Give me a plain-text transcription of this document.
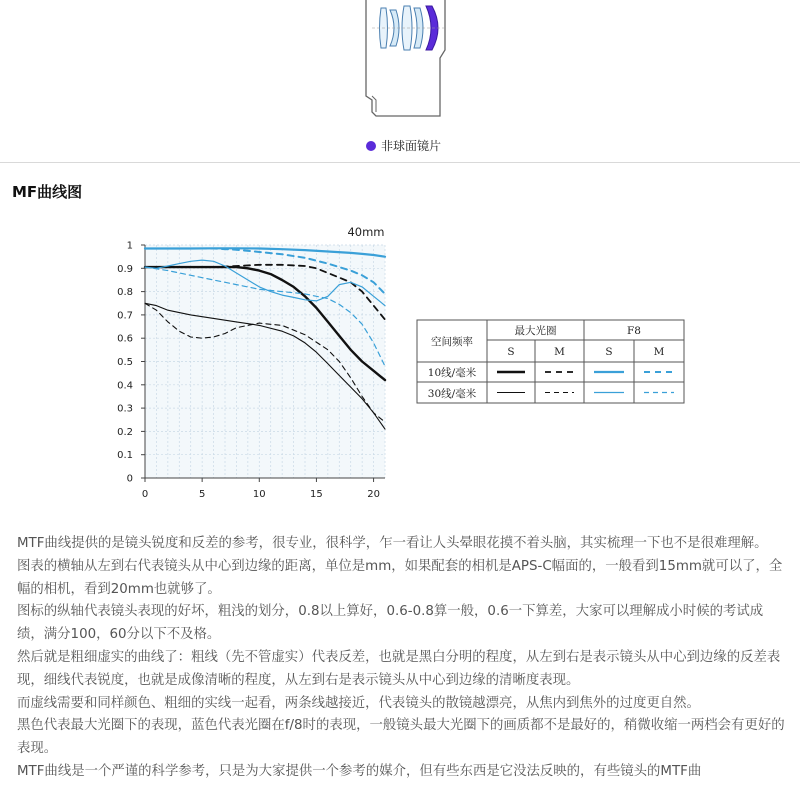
非球面镜片
MF曲线图
0
0.1
0.2
0.3
0.4
0.5
0.6
0.7
0.8
0.9
1
0	5	10	15	20
40mm
空间频率
最大光圈	F8
S	M	S	M
10线/毫米
30线/毫米

MTF曲线提供的是镜头锐度和反差的参考，很专业，很科学，乍一看让人头晕眼花摸不着头脑，其实梳理一下也不是很难理解。

图表的横轴从左到右代表镜头从中心到边缘的距离，单位是mm，如果配套的相机是APS-C幅面的，一般看到15mm就可以了，全幅的相机，看到20mm也就够了。

图标的纵轴代表镜头表现的好坏，粗浅的划分，0.8以上算好，0.6-0.8算一般，0.6一下算差，大家可以理解成小时候的考试成绩，满分100，60分以下不及格。

然后就是粗细虚实的曲线了：粗线（先不管虚实）代表反差，也就是黑白分明的程度，从左到右是表示镜头从中心到边缘的反差表现，细线代表锐度，也就是成像清晰的程度，从左到右是表示镜头从中心到边缘的清晰度表现。

而虚线需要和同样颜色、粗细的实线一起看，两条线越接近，代表镜头的散镜越漂亮，从焦内到焦外的过度更自然。

黑色代表最大光圈下的表现，蓝色代表光圈在f/8时的表现，一般镜头最大光圈下的画质都不是最好的，稍微收缩一两档会有更好的表现。

MTF曲线是一个严谨的科学参考，只是为大家提供一个参考的媒介，但有些东西是它没法反映的，有些镜头的MTF曲
